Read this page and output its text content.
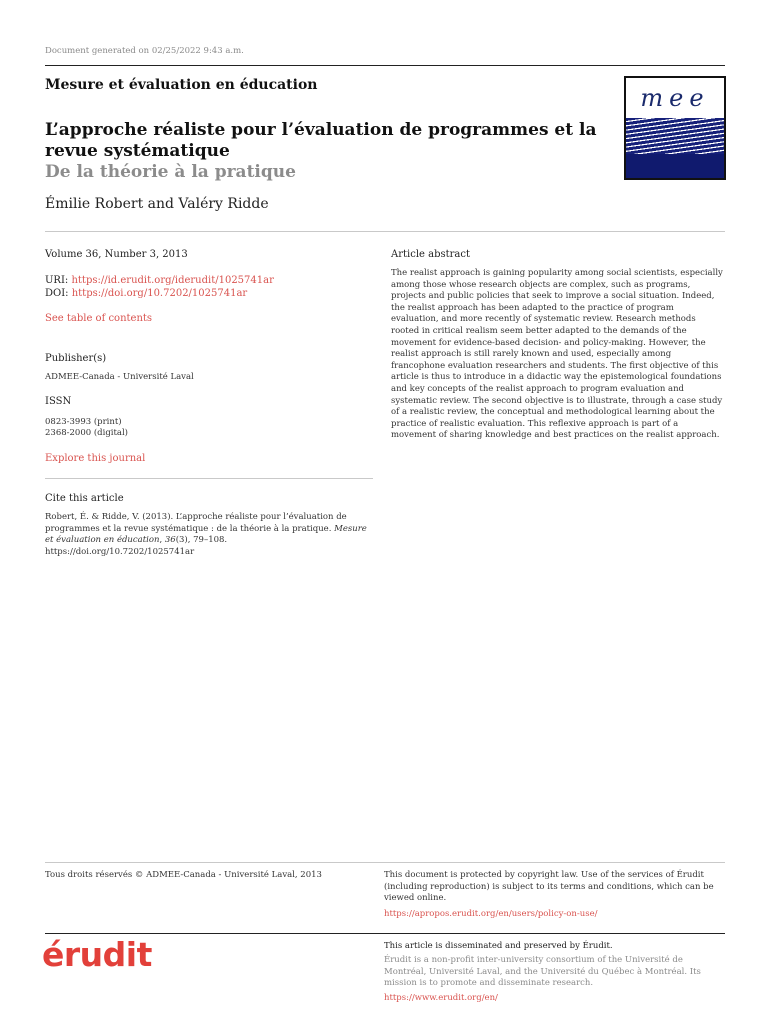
Document generated on 02/25/2022 9:43 a.m.
Mesure et évaluation en éducation
L’approche réaliste pour l’évaluation de programmes et la revue systématique
De la théorie à la pratique
Émilie Robert and Valéry Ridde
mee
Volume 36, Number 3, 2013
URI: https://id.erudit.org/iderudit/1025741ar
DOI: https://doi.org/10.7202/1025741ar
See table of contents
Publisher(s)
ADMEE-Canada - Université Laval
ISSN
0823-3993 (print)
2368-2000 (digital)
Explore this journal
Cite this article
Robert, É. & Ridde, V. (2013). L’approche réaliste pour l’évaluation de programmes et la revue systématique : de la théorie à la pratique. Mesure et évaluation en éducation, 36(3), 79–108. https://doi.org/10.7202/1025741ar
Article abstract
The realist approach is gaining popularity among social scientists, especially among those whose research objects are complex, such as programs, projects and public policies that seek to improve a social situation. Indeed, the realist approach has been adapted to the practice of program evaluation, and more recently of systematic review. Research methods rooted in critical realism seem better adapted to the demands of the movement for evidence-based decision- and policy-making. However, the realist approach is still rarely known and used, especially among francophone evaluation researchers and students. The first objective of this article is thus to introduce in a didactic way the epistemological foundations and key concepts of the realist approach to program evaluation and systematic review. The second objective is to illustrate, through a case study of a realistic review, the conceptual and methodological learning about the practice of realistic evaluation. This reflexive approach is part of a movement of sharing knowledge and best practices on the realist approach.
Tous droits réservés © ADMEE-Canada - Université Laval, 2013	This document is protected by copyright law. Use of the services of Érudit (including reproduction) is subject to its terms and conditions, which can be viewed online.
https://apropos.erudit.org/en/users/policy-on-use/
érudit	This article is disseminated and preserved by Érudit.
Érudit is a non-profit inter-university consortium of the Université de Montréal, Université Laval, and the Université du Québec à Montréal. Its mission is to promote and disseminate research.
https://www.erudit.org/en/
